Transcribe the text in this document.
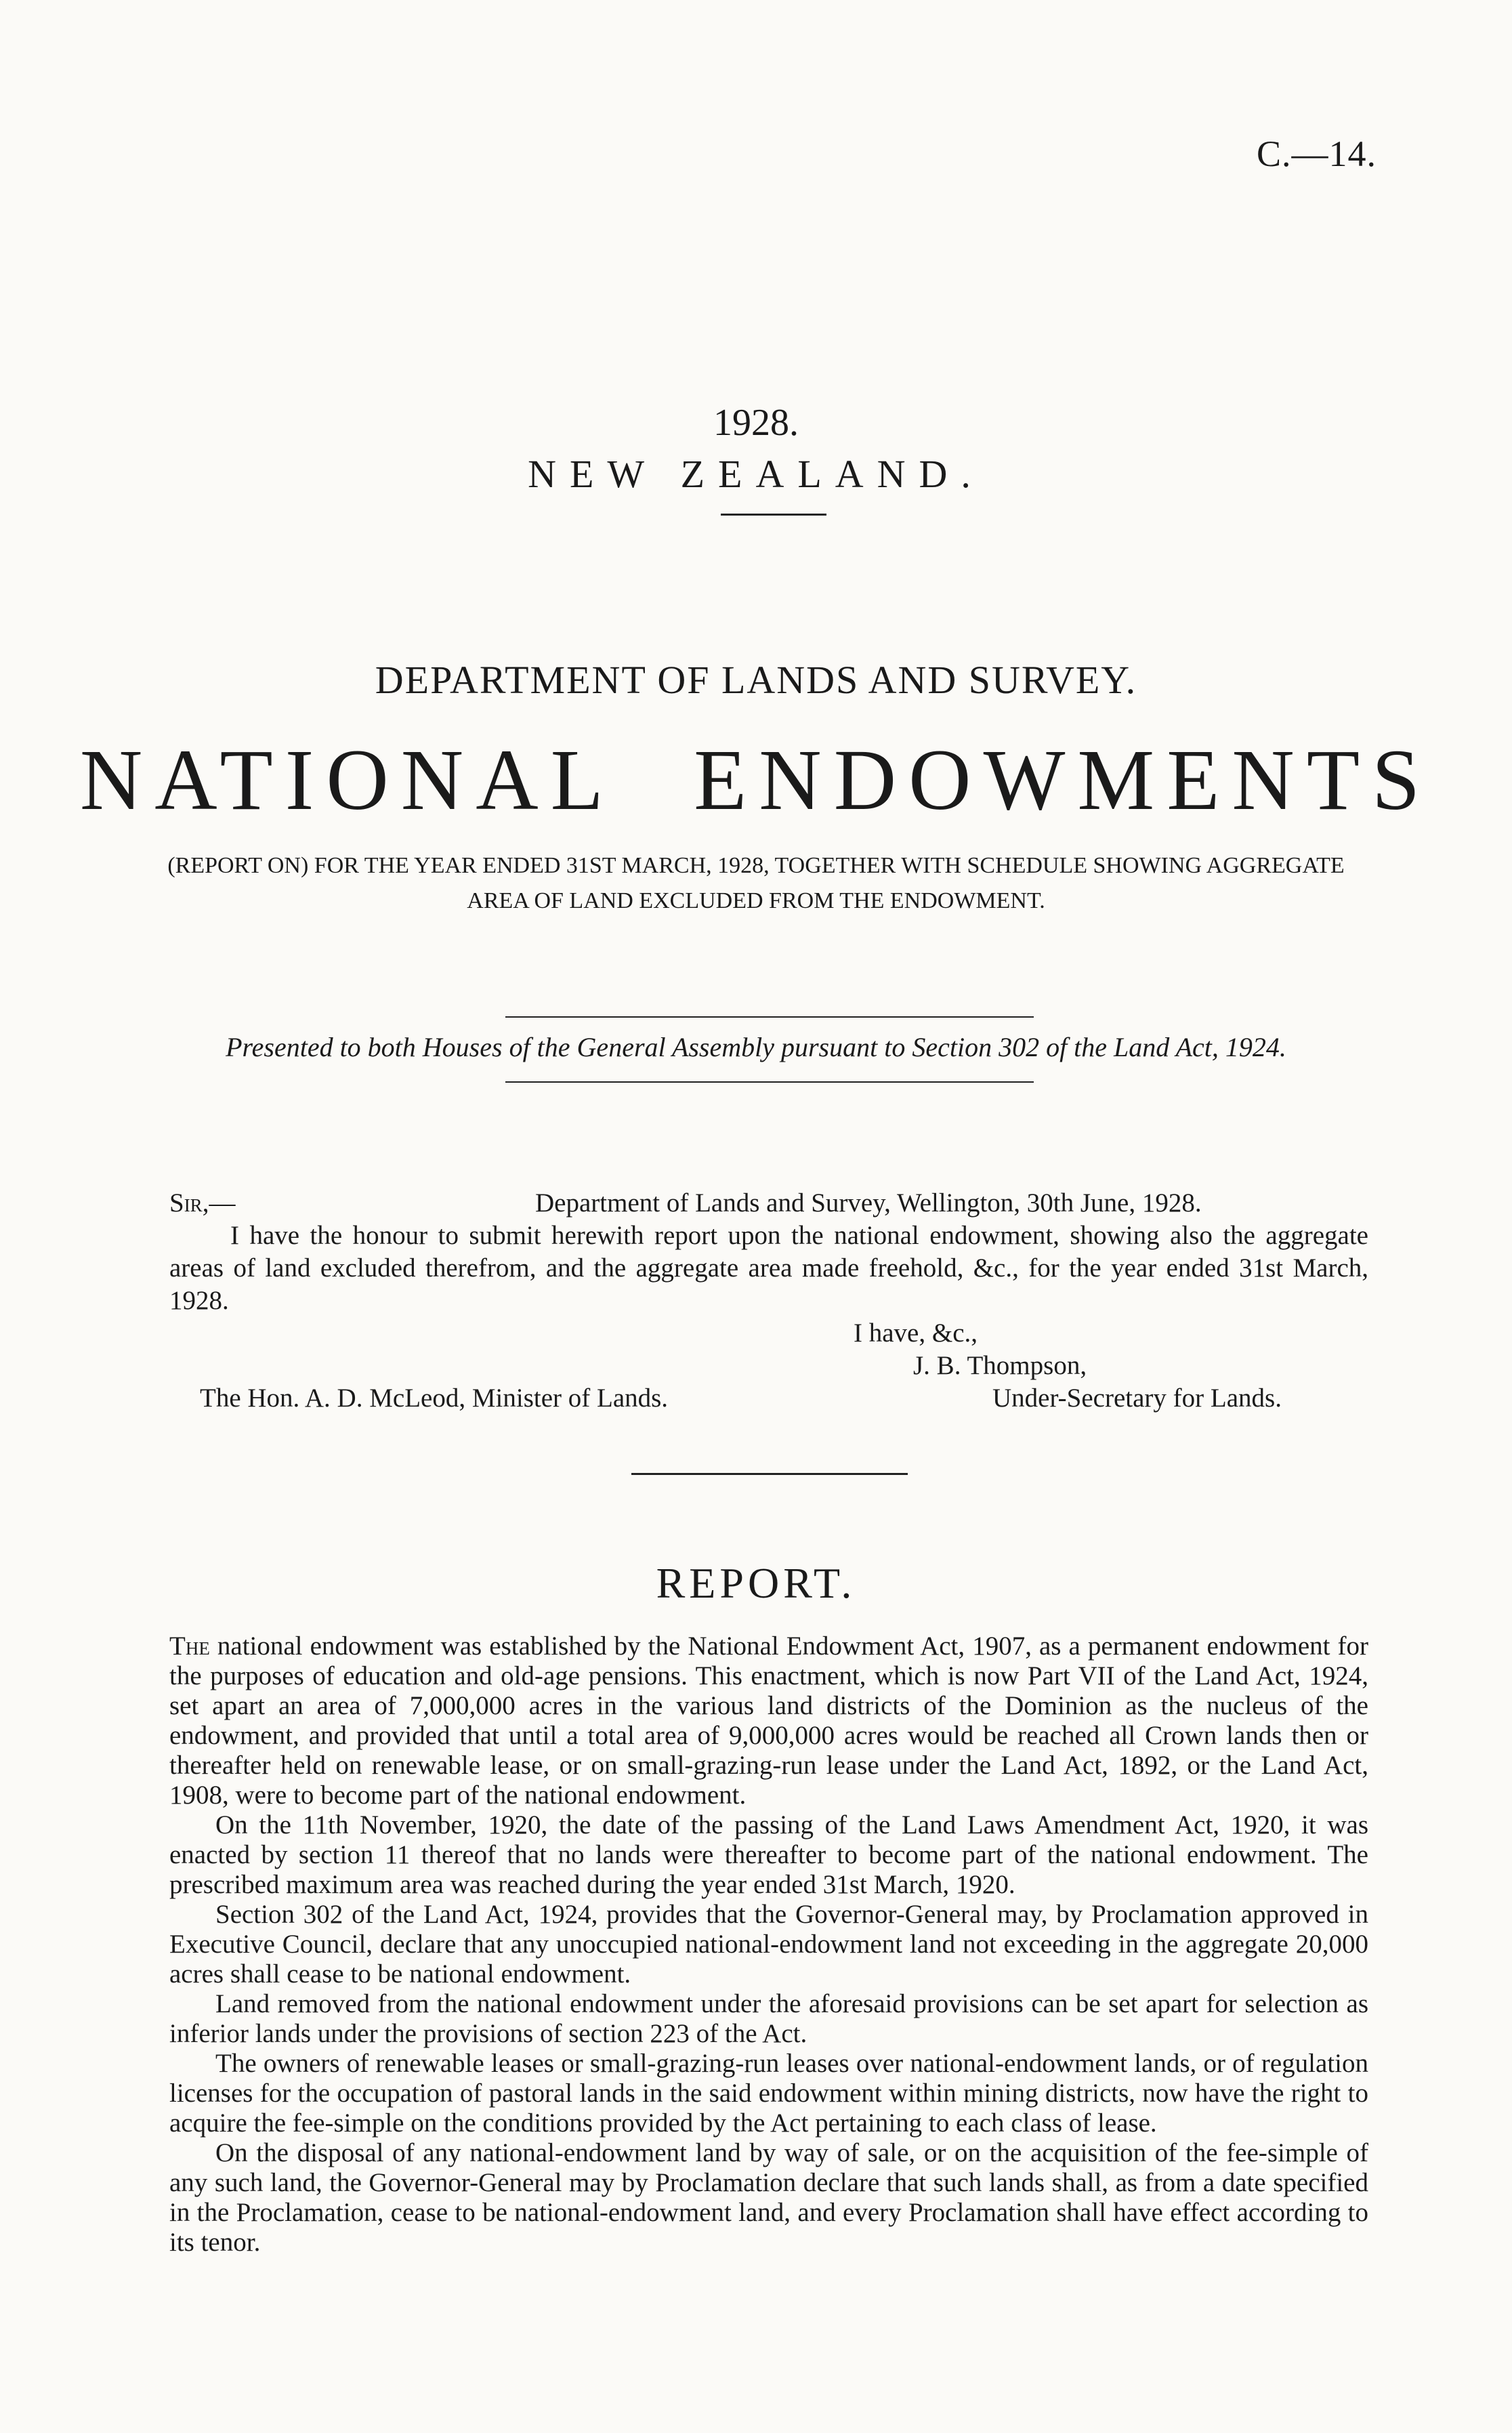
C.—14.
1928.
NEW ZEALAND.
DEPARTMENT OF LANDS AND SURVEY.
NATIONAL ENDOWMENTS
(REPORT ON) FOR THE YEAR ENDED 31ST MARCH, 1928, TOGETHER WITH SCHEDULE SHOWING AGGREGATE AREA OF LAND EXCLUDED FROM THE ENDOWMENT.
Presented to both Houses of the General Assembly pursuant to Section 302 of the Land Act, 1924.
Sir,—	Department of Lands and Survey, Wellington, 30th June, 1928.

I have the honour to submit herewith report upon the national endowment, showing also the aggregate areas of land excluded therefrom, and the aggregate area made freehold, &c., for the year ended 31st March, 1928.

I have, &c.,
J. B. Thompson,
Under-Secretary for Lands.
The Hon. A. D. McLeod, Minister of Lands.
REPORT.

The national endowment was established by the National Endowment Act, 1907, as a permanent endowment for the purposes of education and old-age pensions. This enactment, which is now Part VII of the Land Act, 1924, set apart an area of 7,000,000 acres in the various land districts of the Dominion as the nucleus of the endowment, and provided that until a total area of 9,000,000 acres would be reached all Crown lands then or thereafter held on renewable lease, or on small-grazing-run lease under the Land Act, 1892, or the Land Act, 1908, were to become part of the national endowment.

On the 11th November, 1920, the date of the passing of the Land Laws Amendment Act, 1920, it was enacted by section 11 thereof that no lands were thereafter to become part of the national endowment. The prescribed maximum area was reached during the year ended 31st March, 1920.

Section 302 of the Land Act, 1924, provides that the Governor-General may, by Proclamation approved in Executive Council, declare that any unoccupied national-endowment land not exceeding in the aggregate 20,000 acres shall cease to be national endowment.

Land removed from the national endowment under the aforesaid provisions can be set apart for selection as inferior lands under the provisions of section 223 of the Act.

The owners of renewable leases or small-grazing-run leases over national-endowment lands, or of regulation licenses for the occupation of pastoral lands in the said endowment within mining districts, now have the right to acquire the fee-simple on the conditions provided by the Act pertaining to each class of lease.

On the disposal of any national-endowment land by way of sale, or on the acquisition of the fee-simple of any such land, the Governor-General may by Proclamation declare that such lands shall, as from a date specified in the Proclamation, cease to be national-endowment land, and every Proclamation shall have effect according to its tenor.
